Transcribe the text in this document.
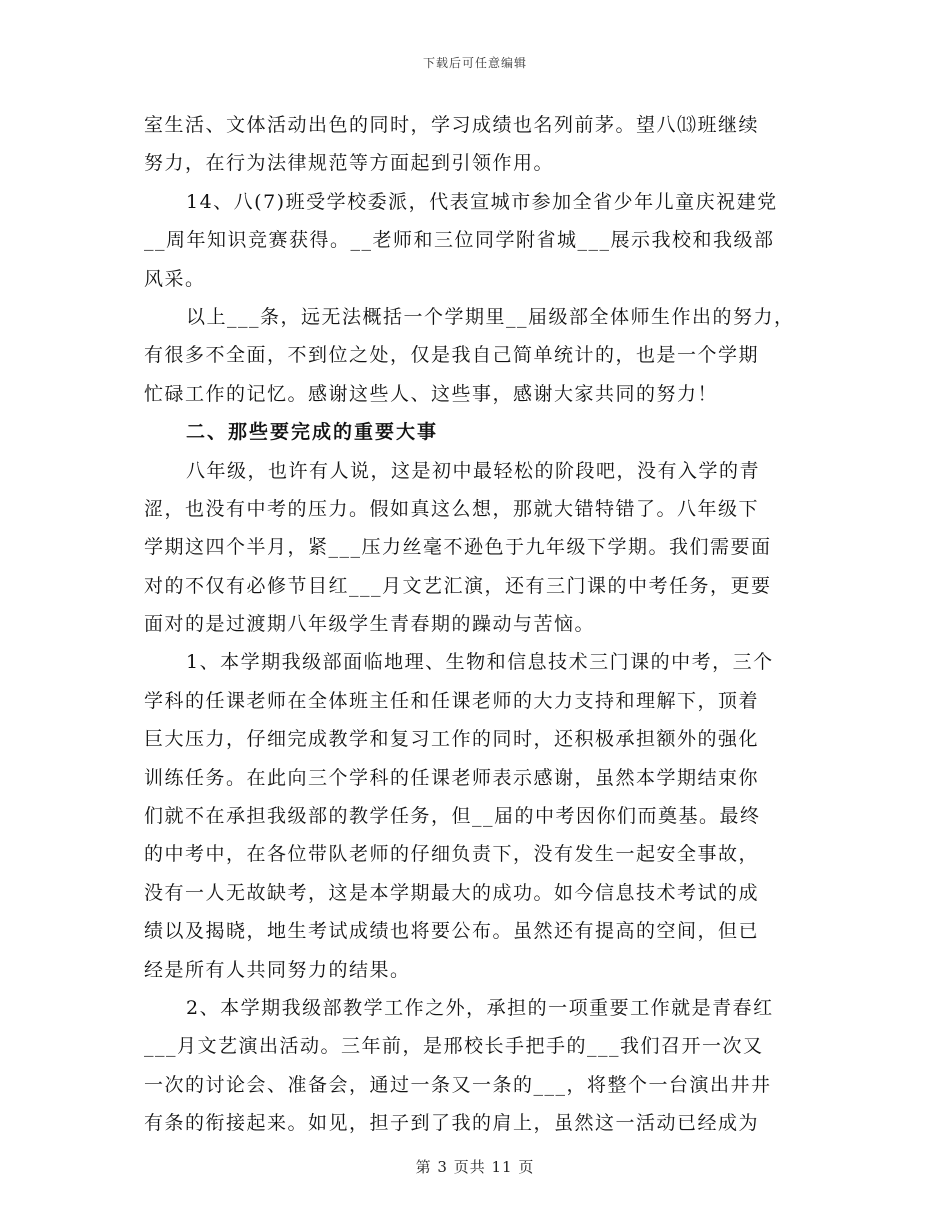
下载后可任意编辑
室生活、文体活动出色的同时，学习成绩也名列前茅。望八⒀班继续
努力，在行为法律规范等方面起到引领作用。
14、八(7)班受学校委派，代表宣城市参加全省少年儿童庆祝建党
__周年知识竞赛获得。__老师和三位同学附省城___展示我校和我级部
风采。
以上___条，远无法概括一个学期里__届级部全体师生作出的努力，
有很多不全面，不到位之处，仅是我自己简单统计的，也是一个学期
忙碌工作的记忆。感谢这些人、这些事，感谢大家共同的努力！
二、那些要完成的重要大事
八年级，也许有人说，这是初中最轻松的阶段吧，没有入学的青
涩，也没有中考的压力。假如真这么想，那就大错特错了。八年级下
学期这四个半月，紧___压力丝毫不逊色于九年级下学期。我们需要面
对的不仅有必修节目红___月文艺汇演，还有三门课的中考任务，更要
面对的是过渡期八年级学生青春期的躁动与苦恼。
1、本学期我级部面临地理、生物和信息技术三门课的中考，三个
学科的任课老师在全体班主任和任课老师的大力支持和理解下，顶着
巨大压力，仔细完成教学和复习工作的同时，还积极承担额外的强化
训练任务。在此向三个学科的任课老师表示感谢，虽然本学期结束你
们就不在承担我级部的教学任务，但__届的中考因你们而奠基。最终
的中考中，在各位带队老师的仔细负责下，没有发生一起安全事故，
没有一人无故缺考，这是本学期最大的成功。如今信息技术考试的成
绩以及揭晓，地生考试成绩也将要公布。虽然还有提高的空间，但已
经是所有人共同努力的结果。
2、本学期我级部教学工作之外，承担的一项重要工作就是青春红
___月文艺演出活动。三年前，是邢校长手把手的___我们召开一次又
一次的讨论会、准备会，通过一条又一条的___，将整个一台演出井井
有条的衔接起来。如见，担子到了我的肩上，虽然这一活动已经成为
第 3 页共 11 页
